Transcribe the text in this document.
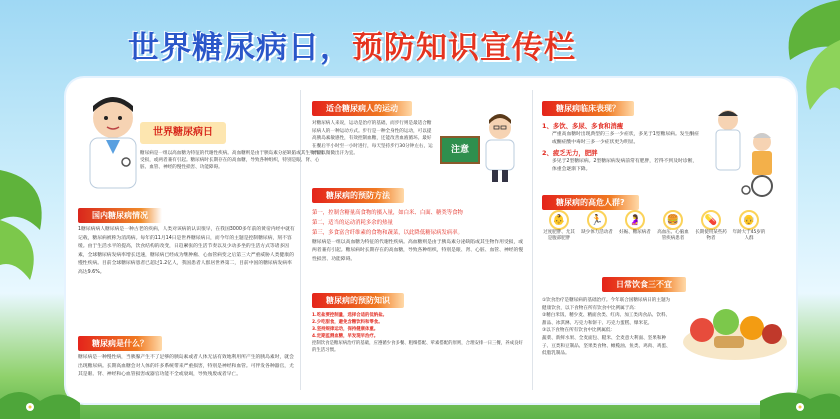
世界糖尿病日，预防知识宣传栏
世界糖尿病日

糖尿病是一组以高血糖为特征的代谢性疾病。高血糖则是由于胰岛素分泌缺陷或其生物作用受损，或两者兼有引起。糖尿病时长期存在的高血糖，导致各种组织，特别是眼、肾、心脏、血管、神经的慢性损害、功能障碍。

国内糖尿病情况

1糖尿病病人糖尿病是一种古老的疾病，人类对该病的认识很早，在我国3000多年前的黄帝内经中就有记载，糖尿病被称为消渴病。每年的11月14日是世界糖尿病日，而今年的主题是控制糖尿病，刻不容缓。由于生活水平的提高，饮食结构的改变，日趋紧张的生活节奏以及少动多坐的生活方式等诸多因素，全球糖尿病发病率增长迅速，糖尿病已经成为继肿瘤、心血管病变之后第三大严重威胁人类健康的慢性疾病。目前全球糖尿病患者已超过1.2亿人，我国患者人群居世界第二，目前中国的糖尿病发病率高达9.6%。

糖尿病是什么？

糖尿病是一种慢性病，当胰腺产生不了足够的胰岛素或者人体无法有效地利用所产生的胰岛素时，就会出现糖尿病。长期高血糖会对人体的许多系统带来严重损害，特别是神经和血管。可伴发各种器官，尤其是眼、肾、神经和心血管损害或器官功能不全或衰竭，导致残废或者早亡。

适合糖尿病人的运动

对糖尿病人来说，运动是治疗的基础，而步行则是最适合糖尿病人的一种运动方式。步行是一种全身性的运动，可以提高胰岛素敏感性，有效控制血糖，还能改善血液循环。最好在餐后半小时至一小时进行，每天坚持步行30分钟左右，运动量以微微出汗为宜。	注意
糖尿病的预防方法
第一，控制含糖量高食物的摄入量，如白米、白面、糖类等食物
第二，适当的运动消耗多余的热量
第三，多食富含纤维素的食物和蔬菜，以此降低糖尿病发病率。

糖尿病是一组以高血糖为特征的代谢性疾病。高血糖则是由于胰岛素分泌缺陷或其生物作用受损，或两者兼有引起。糖尿病时长期存在的高血糖，导致各种组织，特别是眼、肾、心脏、血管、神经的慢性损害、功能障碍。

糖尿病的预防知识
1.吃盐要控制量，选择合适的低钠盐。
2.少吃甜食，避免含糖饮料和零食。
3.坚持规律运动，保持健康体重。
4.定期监测血糖，早发现早治疗。

控制饮食是糖尿病治疗的基础，应遵循少食多餐、粗细搭配、荤素搭配的原则，合理安排一日三餐，养成良好的生活习惯。

糖尿病临床表现？
1、多饮、多尿、多食和消瘦

严重高血糖时出现典型的三多一少症状，多见于1型糖尿病。发生酮症或酮症酸中毒时三多一少症状更为明显。

2、疲乏无力，肥胖

多见于2型糖尿病。2型糖尿病发病前常有肥胖，若得不到及时诊断，体重会逐渐下降。

糖尿病的高危人群?
👶
过度肥胖、尤其是腹部肥胖
🏃
缺少体力活动者
🤰
妊娠、糖尿病者
🍔
高血压、心脑血管疾病患者
💊
长期使用某些药物者
👴
年龄大于45岁的人群
日常饮食三不宜

①饮食治疗是糖尿病的基础治疗。今年联合国糖尿病日的主题为健康饮食，以下食物在所有饮食中比例属于高：

②精白米饭、精少麦、精面食类、红肉、加工类肉食品、饮料、甜品、冰淇淋、巧克力和饼干、巧克力蛋糕、爆米花。

③以下食物在所有饮食中比例属低：

蔬菜、新鲜水果、全麦面包、糙米、全麦意大利面、坚果和种子、豆类和豆制品、坚果类食物、橄榄油、鱼类、鸡肉、鸡蛋、低脂乳制品。
